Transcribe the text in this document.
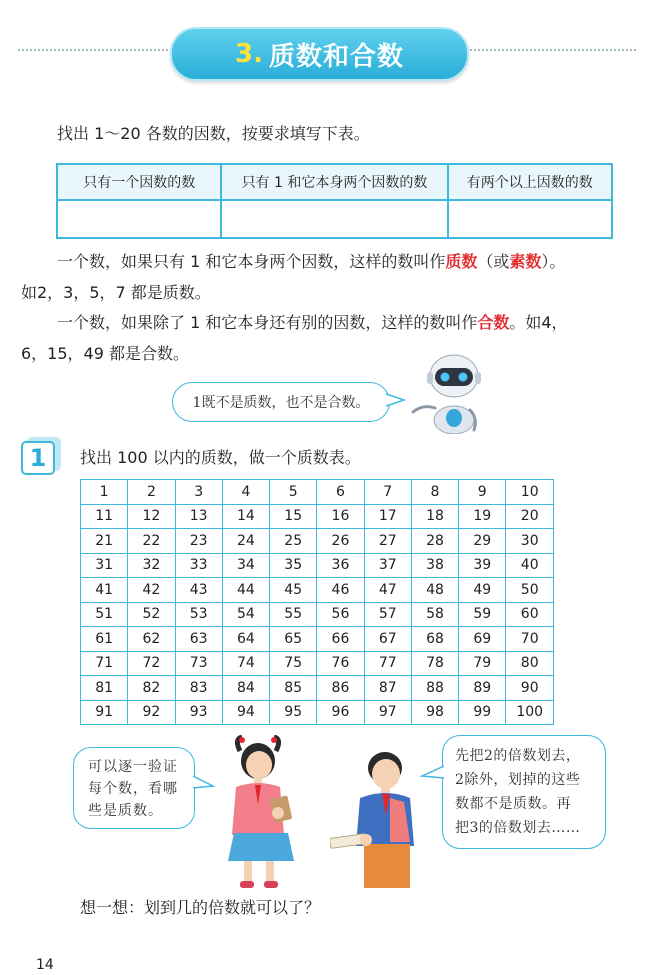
3. 质数和合数
找出 1～20 各数的因数，按要求填写下表。
只有一个因数的数	只有 1 和它本身两个因数的数	有两个以上因数的数

一个数，如果只有 1 和它本身两个因数，这样的数叫作质数（或素数）。
如2，3，5，7 都是质数。
一个数，如果除了 1 和它本身还有别的因数，这样的数叫作合数。如4，
6，15，49 都是合数。
1既不是质数，也不是合数。
1	找出 100 以内的质数，做一个质数表。
1	2	3	4	5	6	7	8	9	10
11	12	13	14	15	16	17	18	19	20
21	22	23	24	25	26	27	28	29	30
31	32	33	34	35	36	37	38	39	40
41	42	43	44	45	46	47	48	49	50
51	52	53	54	55	56	57	58	59	60
61	62	63	64	65	66	67	68	69	70
71	72	73	74	75	76	77	78	79	80
81	82	83	84	85	86	87	88	89	90
91	92	93	94	95	96	97	98	99	100
可以逐一验证
每个数，看哪
些是质数。
先把2的倍数划去，
2除外，划掉的这些
数都不是质数。再
把3的倍数划去……
想一想：划到几的倍数就可以了？
14
